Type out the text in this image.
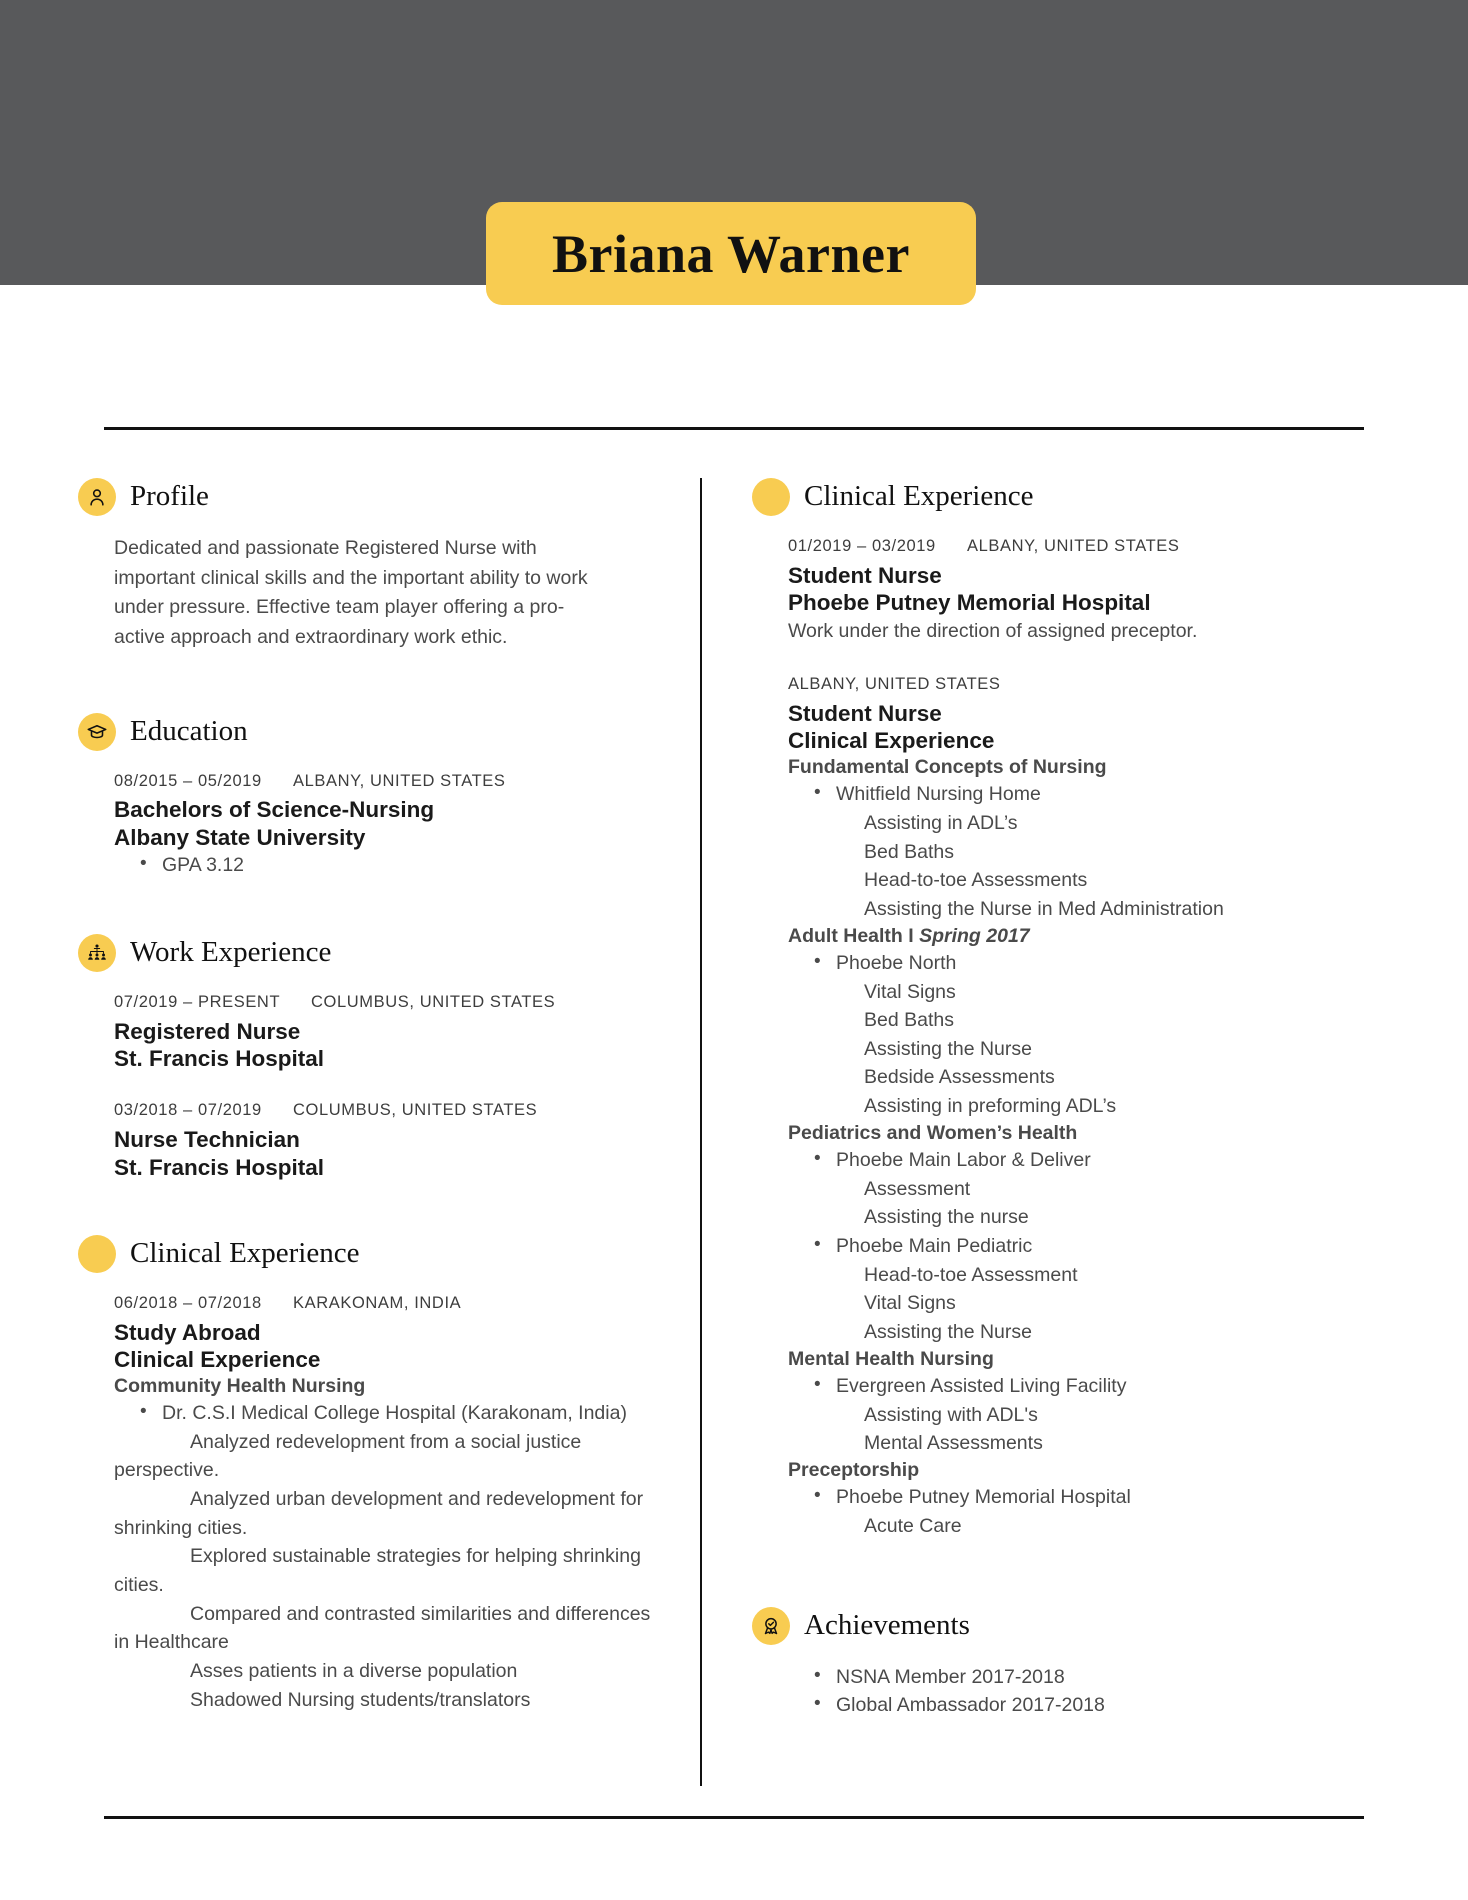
Briana Warner
Profile
Dedicated and passionate Registered Nurse with important clinical skills and the important ability to work under pressure. Effective team player offering a pro-active approach and extraordinary work ethic.
Education
08/2015 – 05/2019 ALBANY, UNITED STATES
Bachelors of Science-Nursing
Albany State University
• GPA 3.12
Work Experience
07/2019 – PRESENT COLUMBUS, UNITED STATES
Registered Nurse
St. Francis Hospital
03/2018 – 07/2019 COLUMBUS, UNITED STATES
Nurse Technician
St. Francis Hospital
Clinical Experience
06/2018 – 07/2018 KARAKONAM, INDIA
Study Abroad
Clinical Experience
Community Health Nursing
• Dr. C.S.I Medical College Hospital (Karakonam, India)
Analyzed redevelopment from a social justice perspective.
Analyzed urban development and redevelopment for shrinking cities.
Explored sustainable strategies for helping shrinking cities.
Compared and contrasted similarities and differences in Healthcare
Asses patients in a diverse population
Shadowed Nursing students/translators
Clinical Experience
01/2019 – 03/2019 ALBANY, UNITED STATES
Student Nurse
Phoebe Putney Memorial Hospital
Work under the direction of assigned preceptor.
ALBANY, UNITED STATES
Student Nurse
Clinical Experience
Fundamental Concepts of Nursing
• Whitfield Nursing Home
Assisting in ADL’s
Bed Baths
Head-to-toe Assessments
Assisting the Nurse in Med Administration
Adult Health I Spring 2017
• Phoebe North
Vital Signs
Bed Baths
Assisting the Nurse
Bedside Assessments
Assisting in preforming ADL’s
Pediatrics and Women’s Health
• Phoebe Main Labor & Deliver
Assessment
Assisting the nurse
• Phoebe Main Pediatric
Head-to-toe Assessment
Vital Signs
Assisting the Nurse
Mental Health Nursing
• Evergreen Assisted Living Facility
Assisting with ADL's
Mental Assessments
Preceptorship
• Phoebe Putney Memorial Hospital
Acute Care
Achievements
• NSNA Member 2017-2018
• Global Ambassador 2017-2018
